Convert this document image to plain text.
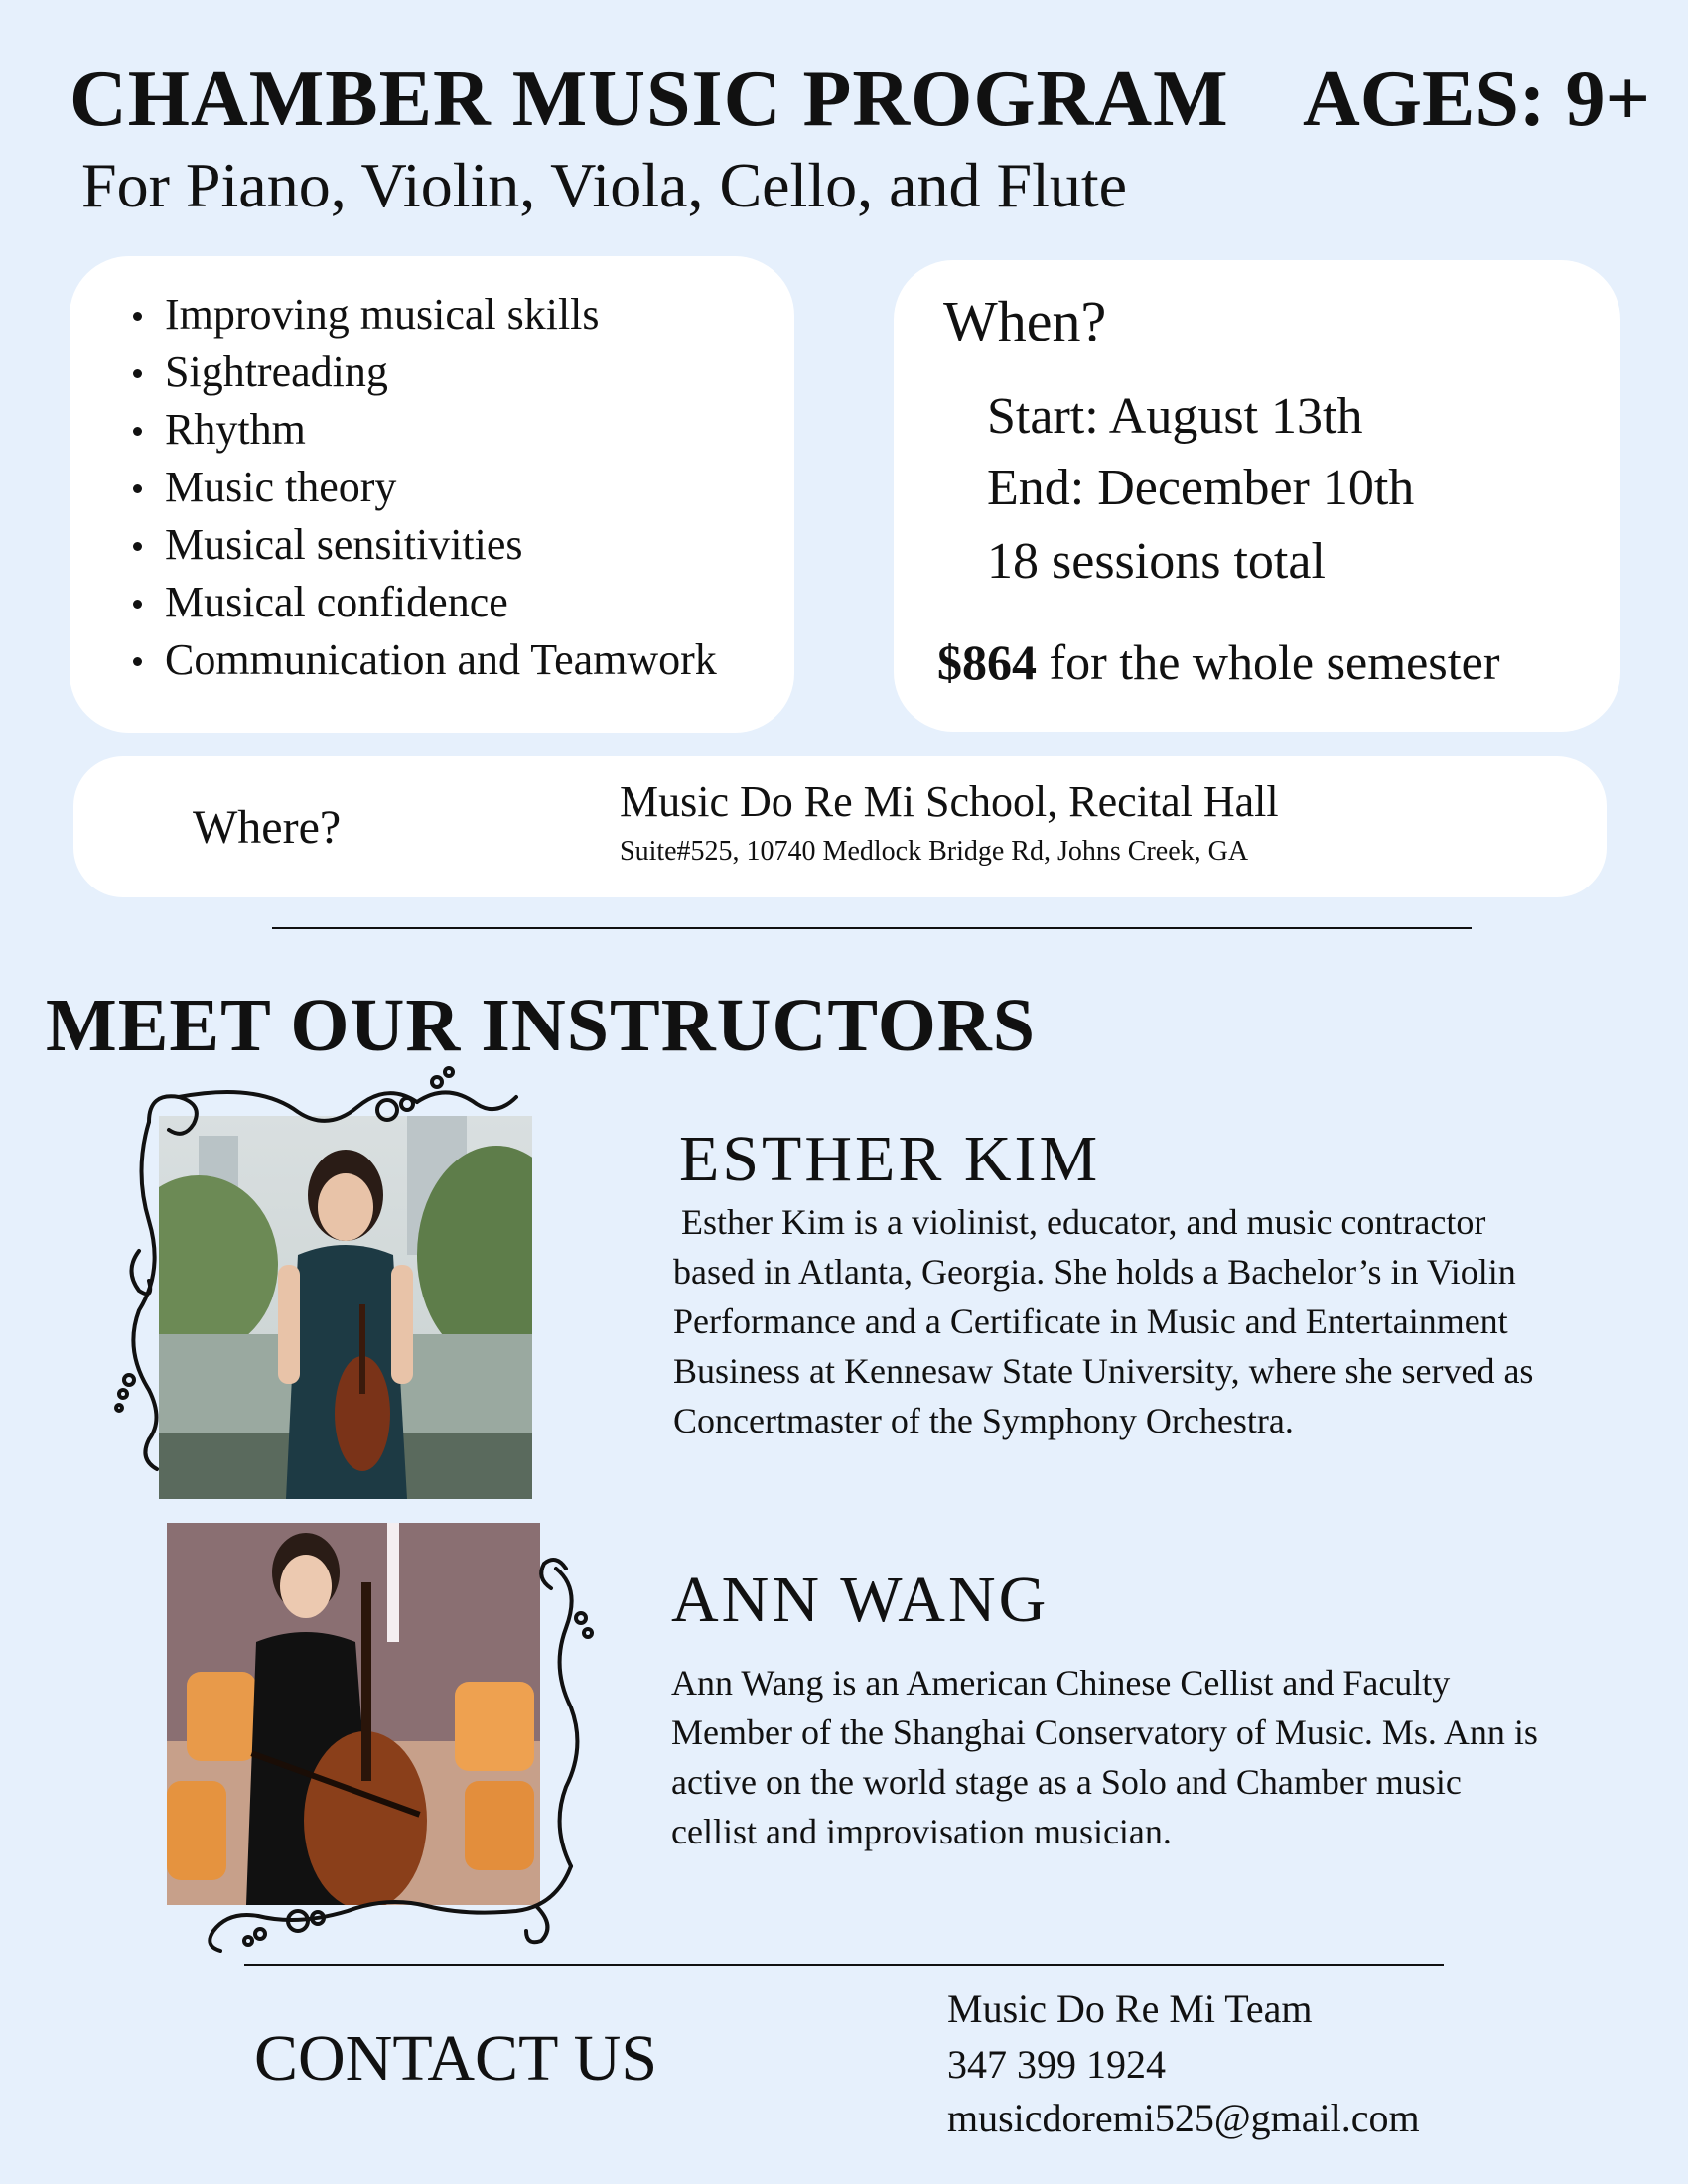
CHAMBER MUSIC PROGRAM AGES: 9+
For Piano, Violin, Viola, Cello, and Flute
Improving musical skills
Sightreading
Rhythm
Music theory
Musical sensitivities
Musical confidence
Communication and Teamwork
When?
Start: August 13th
End: December 10th
18 sessions total
$864 for the whole semester
Where?	Music Do Re Mi School, Recital Hall
Suite#525, 10740 Medlock Bridge Rd, Johns Creek, GA
MEET OUR INSTRUCTORS
ESTHER KIM
Esther Kim is a violinist, educator, and music contractor based in Atlanta, Georgia. She holds a Bachelor’s in Violin Performance and a Certificate in Music and Entertainment Business at Kennesaw State University, where she served as Concertmaster of the Symphony Orchestra.
ANN WANG
Ann Wang is an American Chinese Cellist and Faculty Member of the Shanghai Conservatory of Music. Ms. Ann is active on the world stage as a Solo and Chamber music cellist and improvisation musician.
CONTACT US
Music Do Re Mi Team
347 399 1924
musicdoremi525@gmail.com
